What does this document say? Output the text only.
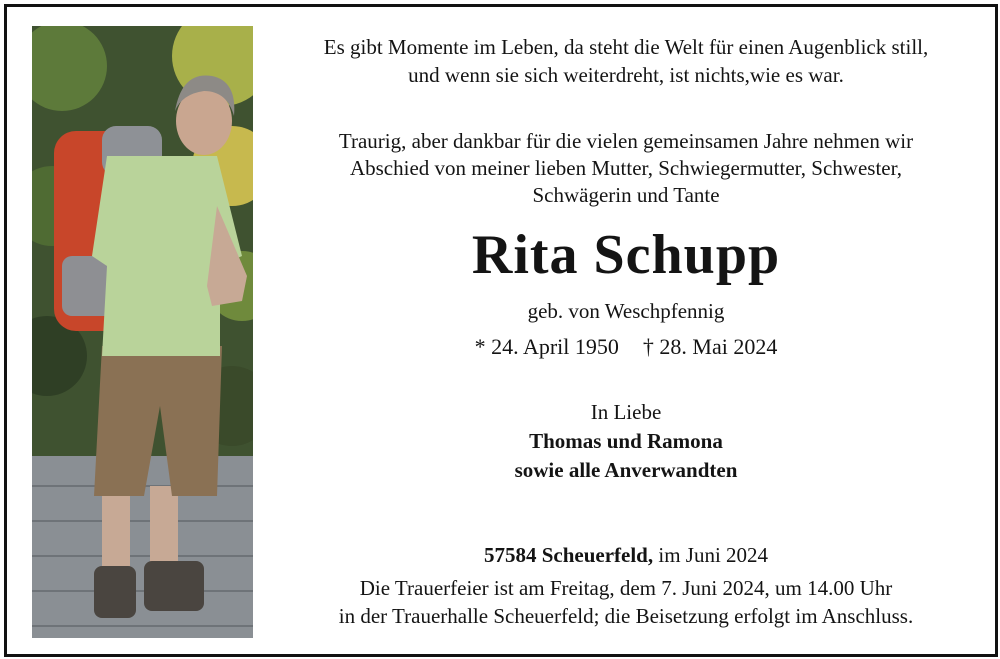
Es gibt Momente im Leben, da steht die Welt für einen Augenblick still,
und wenn sie sich weiterdreht, ist nichts,wie es war.
Traurig, aber dankbar für die vielen gemeinsamen Jahre nehmen wir
Abschied von meiner lieben Mutter, Schwiegermutter, Schwester,
Schwägerin und Tante
Rita Schupp
geb. von Weschpfennig
* 24. April 1950 † 28. Mai 2024
In Liebe
Thomas und Ramona
sowie alle Anverwandten
57584 Scheuerfeld, im Juni 2024
Die Trauerfeier ist am Freitag, dem 7. Juni 2024, um 14.00 Uhr
in der Trauerhalle Scheuerfeld; die Beisetzung erfolgt im Anschluss.
